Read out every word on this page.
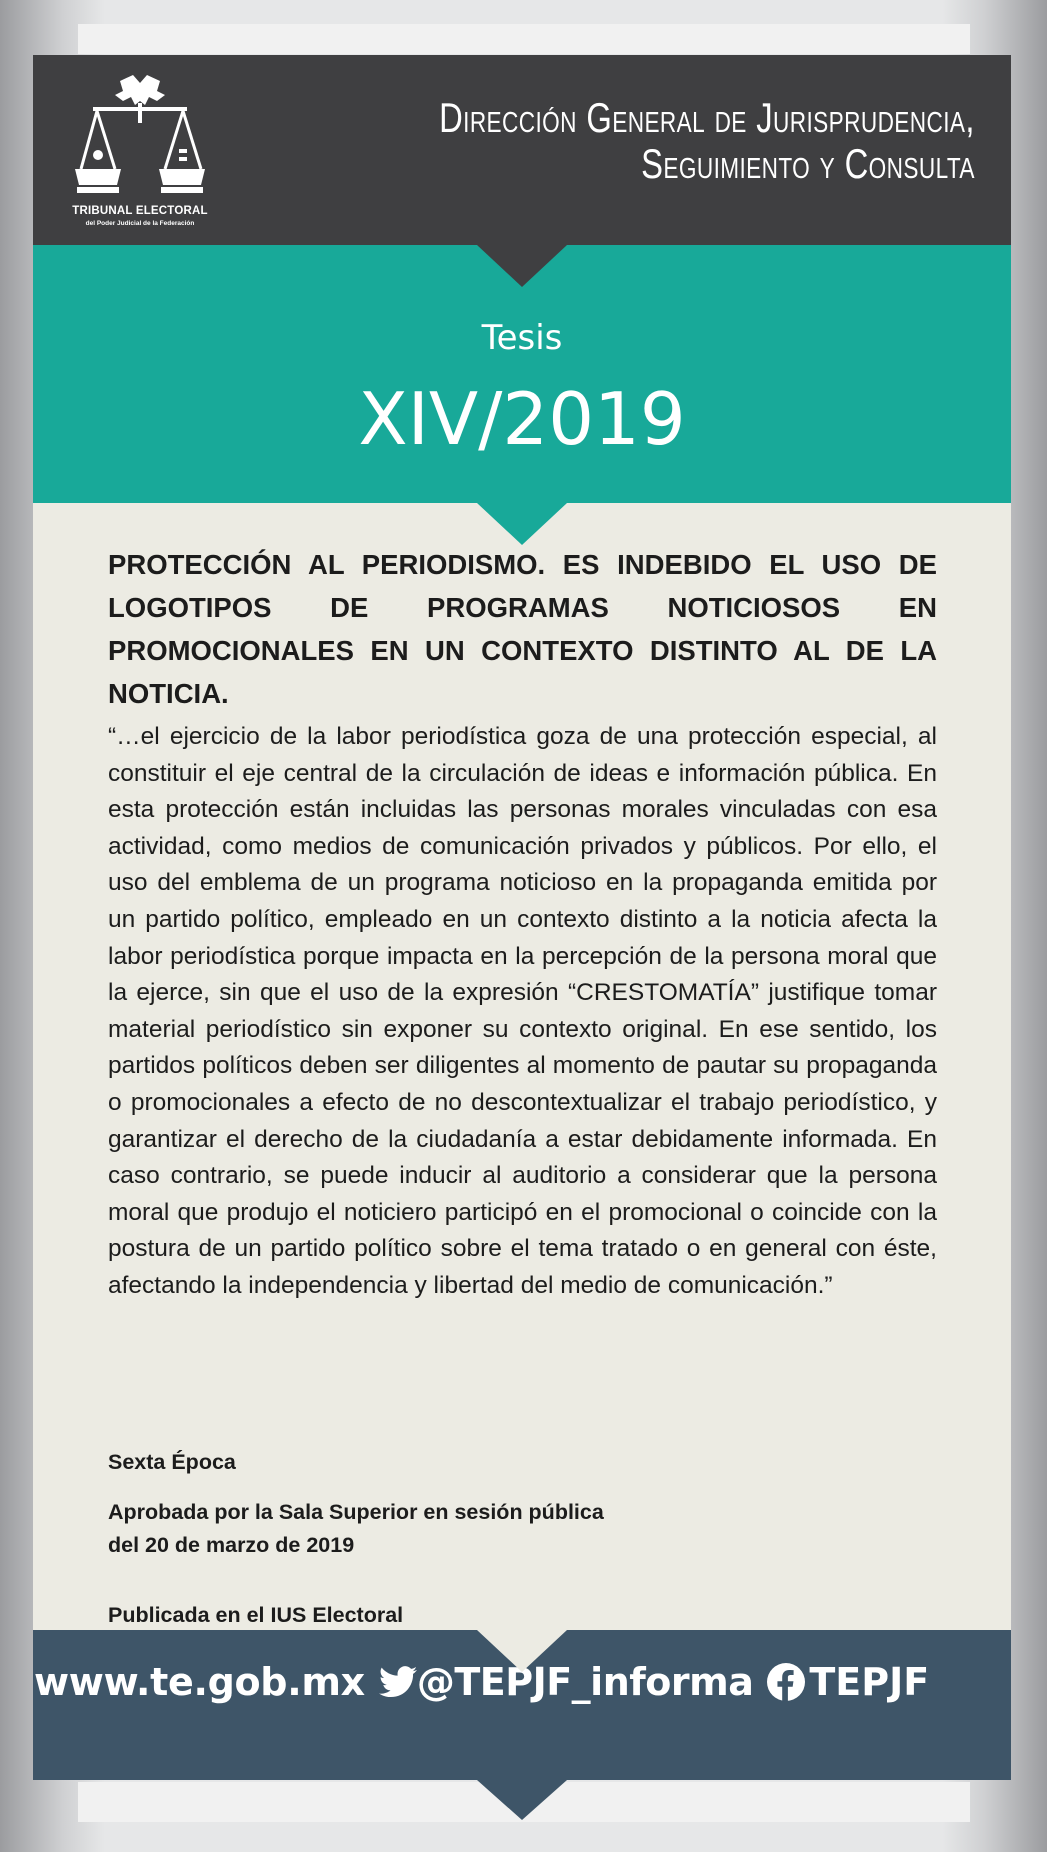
TRIBUNAL ELECTORAL
del Poder Judicial de la Federación
Dirección General de Jurisprudencia,
Seguimiento y Consulta
Tesis
XIV/2019

PROTECCIÓN AL PERIODISMO. ES INDEBIDO EL USO DE LOGOTIPOS DE PROGRAMAS NOTICIOSOS EN PROMOCIONALES EN UN CONTEXTO DISTINTO AL DE LA NOTICIA.

“…el ejercicio de la labor periodística goza de una protección especial, al constituir el eje central de la circulación de ideas e información pública. En esta protección están incluidas las personas morales vinculadas con esa actividad, como medios de comunicación privados y públicos. Por ello, el uso del emblema de un programa noticioso en la propaganda emitida por un partido político, empleado en un contexto distinto a la noticia afecta la labor periodística porque impacta en la percepción de la persona moral que la ejerce, sin que el uso de la expresión “CRESTOMATÍA” justifique tomar material periodístico sin exponer su contexto original. En ese sentido, los partidos políticos deben ser diligentes al momento de pautar su propaganda o promocionales a efecto de no descontextualizar el trabajo periodístico, y garantizar el derecho de la ciudadanía a estar debidamente informada. En caso contrario, se puede inducir al auditorio a considerar que la persona moral que produjo el noticiero participó en el promocional o coincide con la postura de un partido político sobre el tema tratado o en general con éste, afectando la independencia y libertad del medio de comunicación.”

Sexta Época
Aprobada por la Sala Superior en sesión pública
del 20 de marzo de 2019
Publicada en el IUS Electoral
www.te.gob.mx @TEPJF_informa TEPJF
